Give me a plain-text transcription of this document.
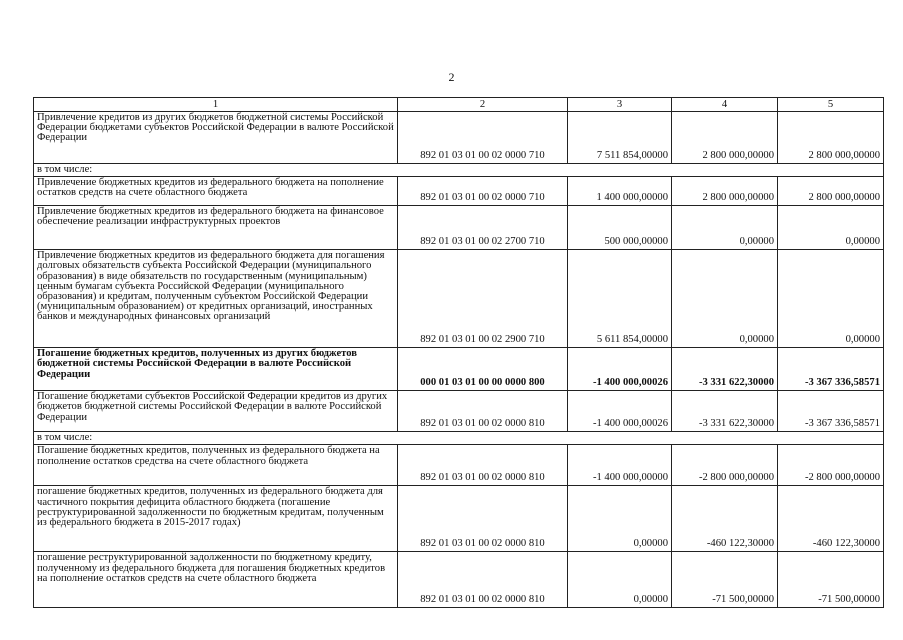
2
1	2	3	4	5
Привлечение кредитов из других бюджетов бюджетной системы Российской Федерации бюджетами субъектов Российской Федерации в валюте Российской Федерации	892 01 03 01 00 02 0000 710	7 511 854,00000	2 800 000,00000	2 800 000,00000
в том числе:				
Привлечение бюджетных кредитов из федерального бюджета на пополнение остатков средств на счете областного бюджета	892 01 03 01 00 02 0000 710	1 400 000,00000	2 800 000,00000	2 800 000,00000
Привлечение бюджетных кредитов из федерального бюджета на финансовое обеспечение реализации инфраструктурных проектов	892 01 03 01 00 02 2700 710	500 000,00000	0,00000	0,00000
Привлечение бюджетных кредитов из федерального бюджета для погашения долговых обязательств субъекта Российской Федерации (муниципального образования) в виде обязательств по государственным (муниципальным) ценным бумагам субъекта Российской Федерации (муниципального образования) и кредитам, полученным субъектом Российской Федерации (муниципальным образованием) от кредитных организаций, иностранных банков и международных финансовых организаций	892 01 03 01 00 02 2900 710	5 611 854,00000	0,00000	0,00000
Погашение бюджетных кредитов, полученных из других бюджетов бюджетной системы Российской Федерации в валюте Российской Федерации	000 01 03 01 00 00 0000 800	-1 400 000,00026	-3 331 622,30000	-3 367 336,58571
Погашение бюджетами субъектов Российской Федерации кредитов из других бюджетов бюджетной системы Российской Федерации в валюте Российской Федерации	892 01 03 01 00 02 0000 810	-1 400 000,00026	-3 331 622,30000	-3 367 336,58571
в том числе:				
Погашение бюджетных кредитов, полученных из федерального бюджета на пополнение остатков средства на счете областного бюджета	892 01 03 01 00 02 0000 810	-1 400 000,00000	-2 800 000,00000	-2 800 000,00000
погашение бюджетных кредитов, полученных из федерального бюджета для частичного покрытия дефицита областного бюджета (погашение реструктурированной задолженности по бюджетным кредитам, полученным из федерального бюджета в 2015-2017 годах)	892 01 03 01 00 02 0000 810	0,00000	-460 122,30000	-460 122,30000
погашение реструктурированной задолженности по бюджетному кредиту, полученному из федерального бюджета для погашения бюджетных кредитов на пополнение остатков средств на счете областного бюджета	892 01 03 01 00 02 0000 810	0,00000	-71 500,00000	-71 500,00000
